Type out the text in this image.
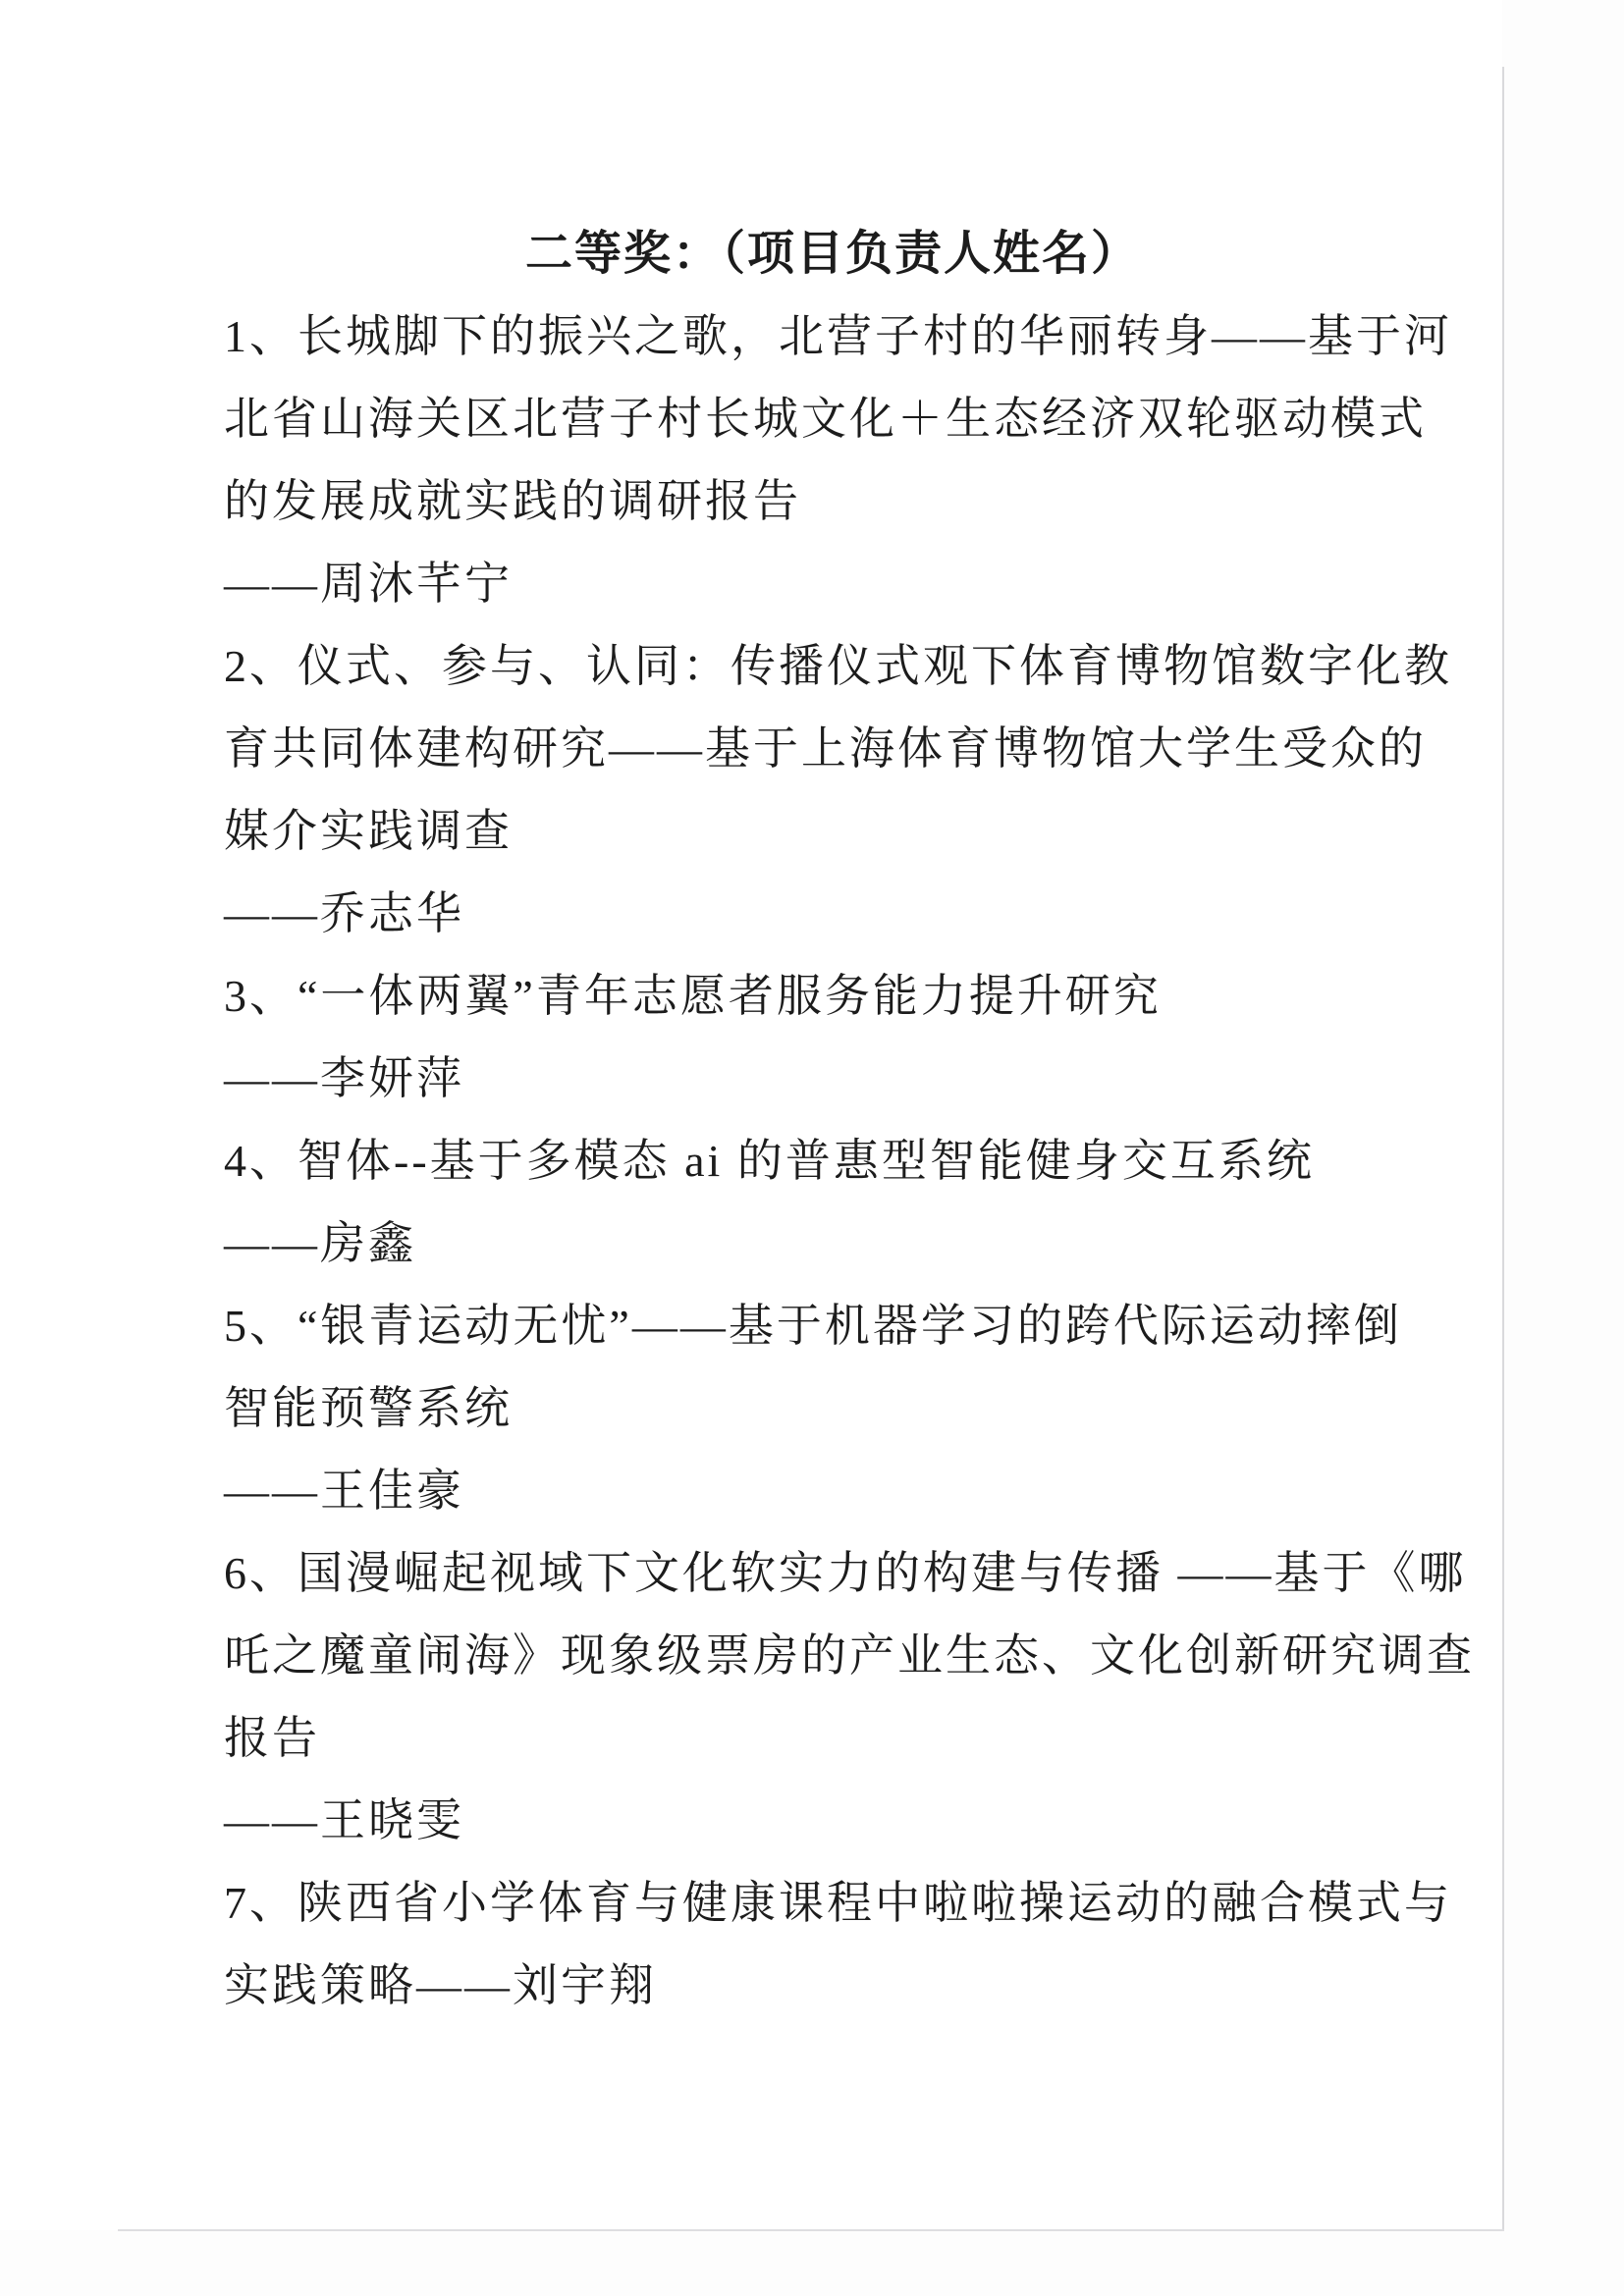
二等奖：（项目负责人姓名）
1、长城脚下的振兴之歌，北营子村的华丽转身——基于河
北省山海关区北营子村长城文化＋生态经济双轮驱动模式
的发展成就实践的调研报告
——周沐芊宁
2、仪式、参与、认同：传播仪式观下体育博物馆数字化教
育共同体建构研究——基于上海体育博物馆大学生受众的
媒介实践调查
——乔志华
3、“一体两翼”青年志愿者服务能力提升研究
——李妍萍
4、智体--基于多模态 ai 的普惠型智能健身交互系统
——房鑫
5、“银青运动无忧”——基于机器学习的跨代际运动摔倒
智能预警系统
——王佳豪
6、国漫崛起视域下文化软实力的构建与传播 ——基于《哪
吒之魔童闹海》现象级票房的产业生态、文化创新研究调查
报告
——王晓雯
7、陕西省小学体育与健康课程中啦啦操运动的融合模式与
实践策略——刘宇翔
